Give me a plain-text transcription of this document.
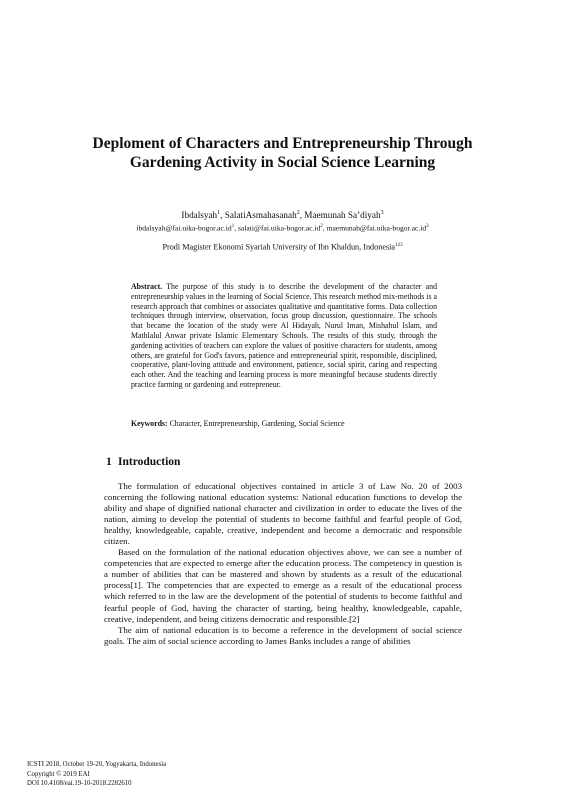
Deploment of Characters and Entrepreneurship Through Gardening Activity in Social Science Learning
Ibdalsyah$^1$, SalatiAsmahasanah$^2$, Maemunah Sa’diyah$^3$
$ibdalsyah@fai.uika-bogor.ac.id^1$, $salati@fai.uika-bogor.ac.id^2$, $maemunah@fai.uika-bogor.ac.id^3$
Prodi Magister Ekonomi Syariah University of Ibn Khaldun, Indonesia$^{123}$

Abstract. The purpose of this study is to describe the development of the character and entrepreneurship values in the learning of Social Science. This research method mix-methods is a research approach that combines or associates qualitative and quantitative forms. Data collection techniques through interview, observation, focus group discussion, questionnaire. The schools that became the location of the study were Al Hidayah, Nurul Iman, Mishahul Islam, and Mathlalul Anwar private Islamic Elementary Schools. The results of this study, through the gardening activities of teachers can explore the values of positive characters for students, among others, are grateful for God's favors, patience and entrepreneurial spirit, responsible, disciplined, cooperative, plant-loving attitude and environment, patience, social spirit, caring and respecting each other. And the teaching and learning process is more meaningful because students directly practice farming or gardening and entrepreneur.

Keywords: Character, Entrepreneurship, Gardening, Social Science

1 Introduction

The formulation of educational objectives contained in article 3 of Law No. 20 of 2003 concerning the following national education systems: National education functions to develop the ability and shape of dignified national character and civilization in order to educate the lives of the nation, aiming to develop the potential of students to become faithful and fearful people of God, healthy, knowledgeable, capable, creative, independent and become a democratic and responsible citizen.

Based on the formulation of the national education objectives above, we can see a number of competencies that are expected to emerge after the education process. The competency in question is a number of abilities that can be mastered and shown by students as a result of the educational process[1]. The competencies that are expected to emerge as a result of the educational process which referred to in the law are the development of the potential of students to become faithful and fearful people of God, having the character of starting, being healthy, knowledgeable, capable, creative, independent, and being citizens democratic and responsible.[2]

The aim of national education is to become a reference in the development of social science goals. The aim of social science according to James Banks includes a range of abilities

ICSTI 2018, October 19-20, Yogyakarta, Indonesia
Copyright © 2019 EAI
DOI 10.4108/eai.19-10-2018.2282610
